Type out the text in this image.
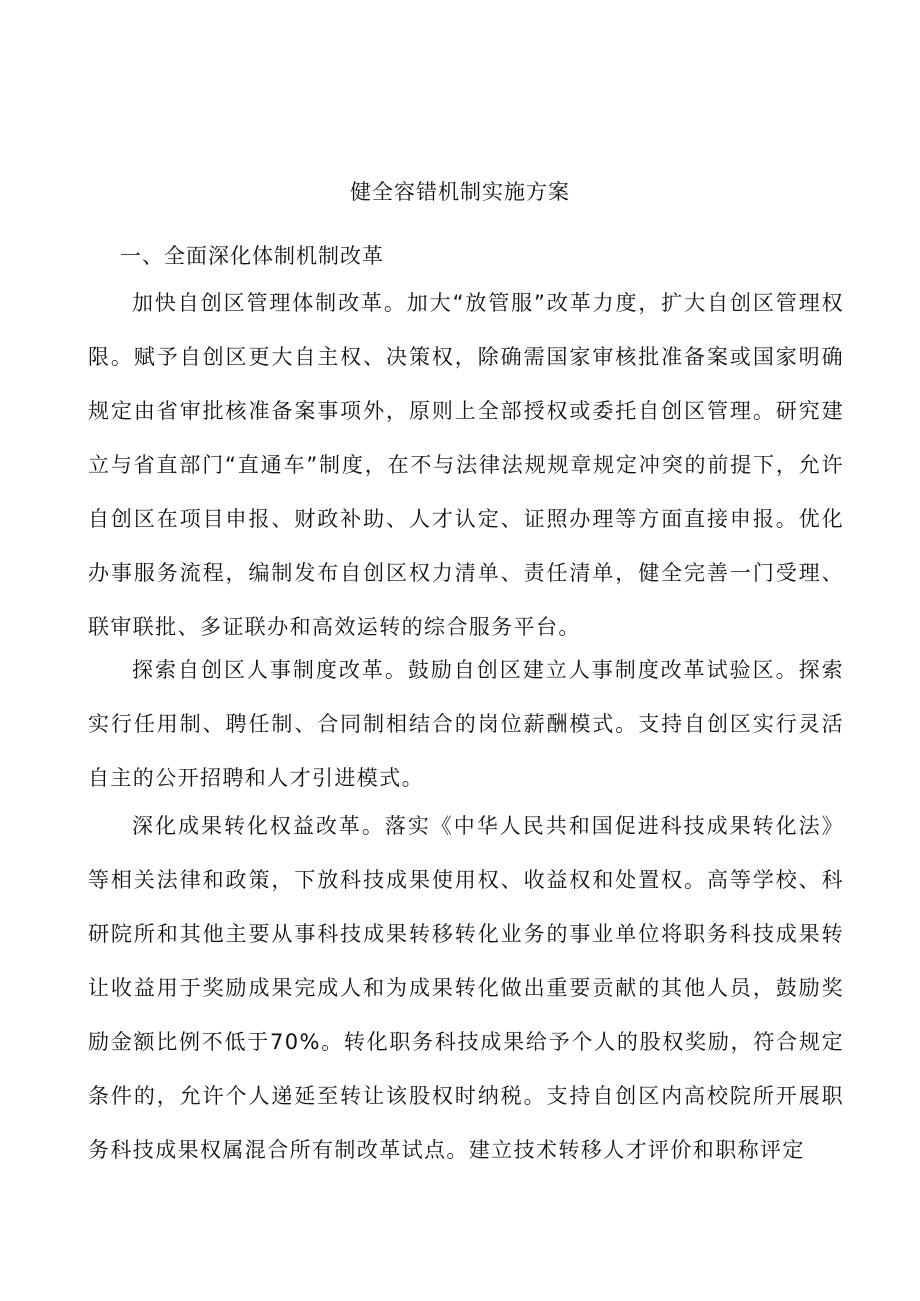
健全容错机制实施方案
一、全面深化体制机制改革

加快自创区管理体制改革。加大“放管服”改革力度，扩大自创区管理权限。赋予自创区更大自主权、决策权，除确需国家审核批准备案或国家明确规定由省审批核准备案事项外，原则上全部授权或委托自创区管理。研究建立与省直部门“直通车”制度，在不与法律法规规章规定冲突的前提下，允许自创区在项目申报、财政补助、人才认定、证照办理等方面直接申报。优化办事服务流程，编制发布自创区权力清单、责任清单，健全完善一门受理、联审联批、多证联办和高效运转的综合服务平台。

探索自创区人事制度改革。鼓励自创区建立人事制度改革试验区。探索实行任用制、聘任制、合同制相结合的岗位薪酬模式。支持自创区实行灵活自主的公开招聘和人才引进模式。

深化成果转化权益改革。落实《中华人民共和国促进科技成果转化法》等相关法律和政策，下放科技成果使用权、收益权和处置权。高等学校、科研院所和其他主要从事科技成果转移转化业务的事业单位将职务科技成果转让收益用于奖励成果完成人和为成果转化做出重要贡献的其他人员，鼓励奖励金额比例不低于70%。转化职务科技成果给予个人的股权奖励，符合规定条件的，允许个人递延至转让该股权时纳税。支持自创区内高校院所开展职务科技成果权属混合所有制改革试点。建立技术转移人才评价和职称评定
